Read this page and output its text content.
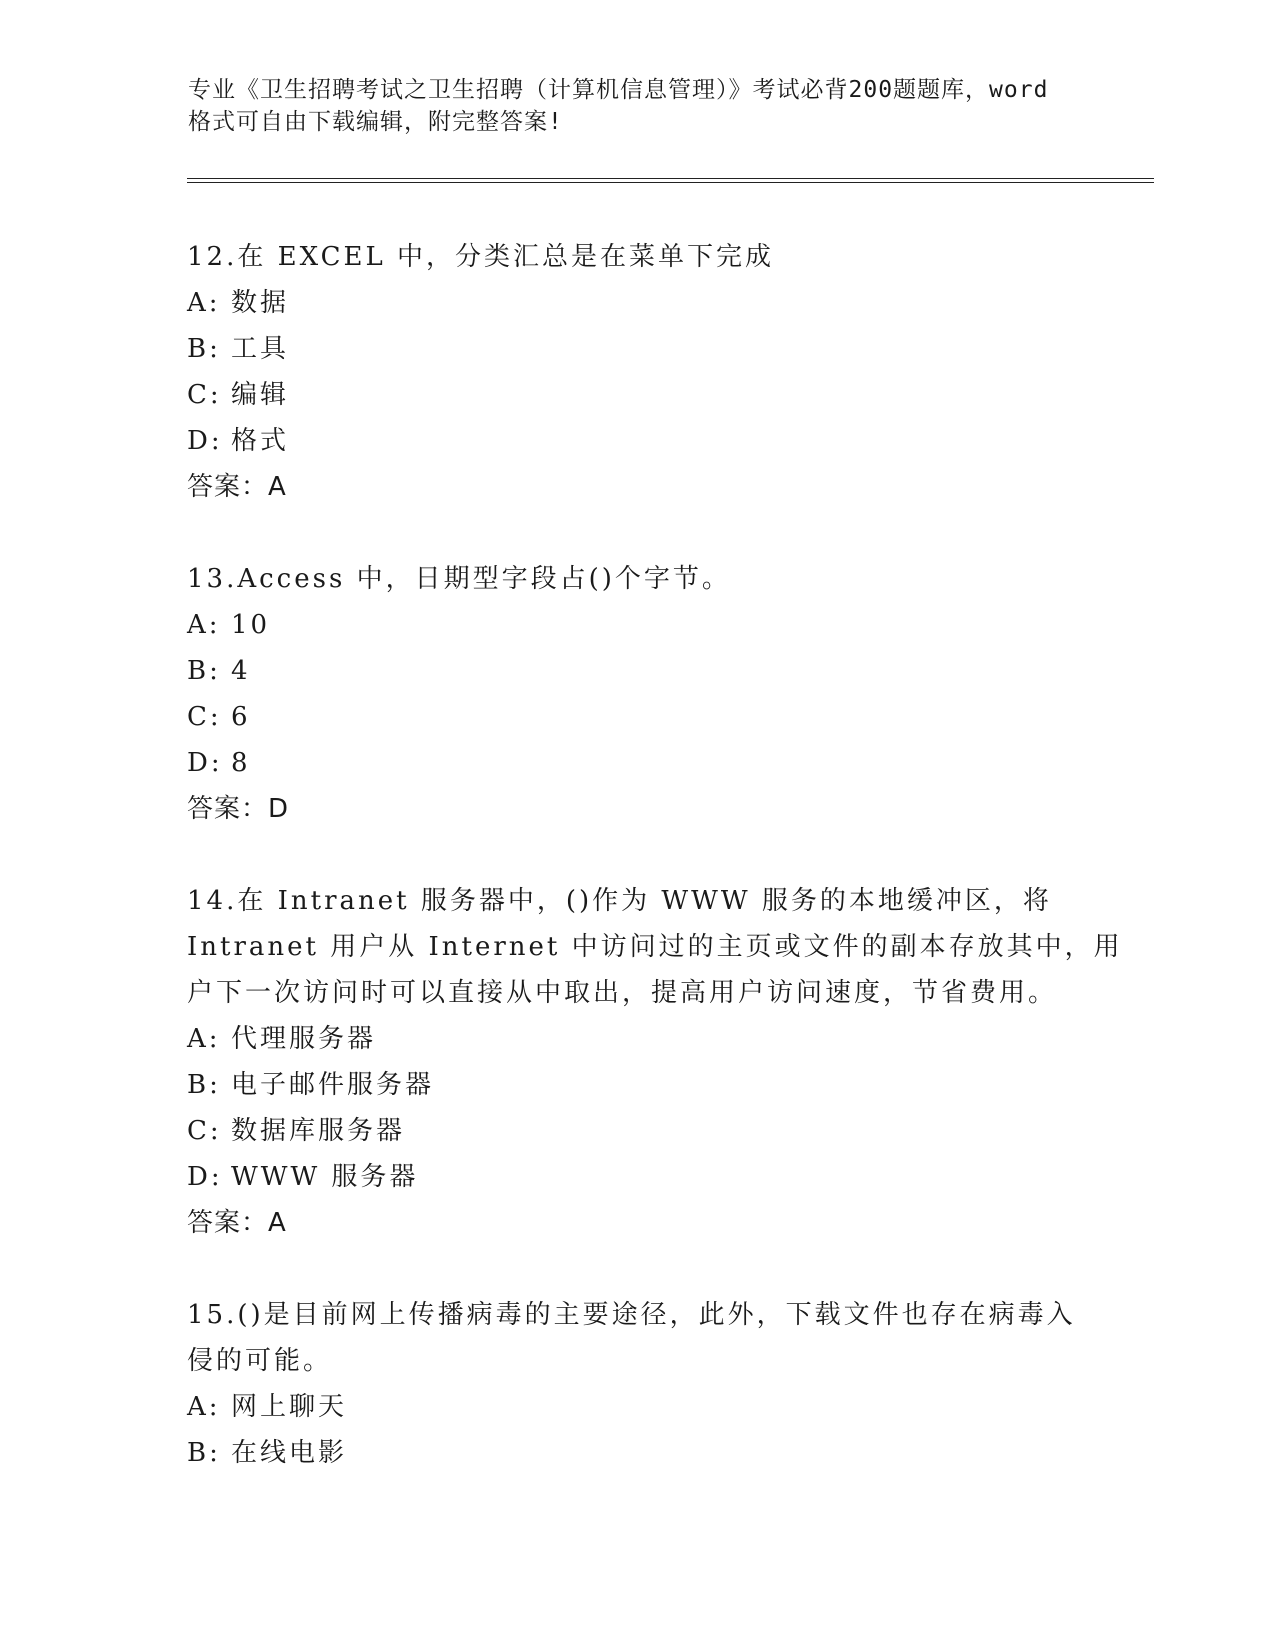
专业《卫生招聘考试之卫生招聘（计算机信息管理）》考试必背200题题库，word
格式可自由下载编辑，附完整答案!
12.在 EXCEL 中，分类汇总是在菜单下完成
A: 数据
B: 工具
C: 编辑
D: 格式
答案：A
13.Access 中，日期型字段占()个字节。
A: 10
B: 4
C: 6
D: 8
答案：D
14.在 Intranet 服务器中，()作为 WWW 服务的本地缓冲区，将
Intranet 用户从 Internet 中访问过的主页或文件的副本存放其中，用
户下一次访问时可以直接从中取出，提高用户访问速度，节省费用。
A: 代理服务器
B: 电子邮件服务器
C: 数据库服务器
D: WWW 服务器
答案：A
15.()是目前网上传播病毒的主要途径，此外，下载文件也存在病毒入
侵的可能。
A: 网上聊天
B: 在线电影
